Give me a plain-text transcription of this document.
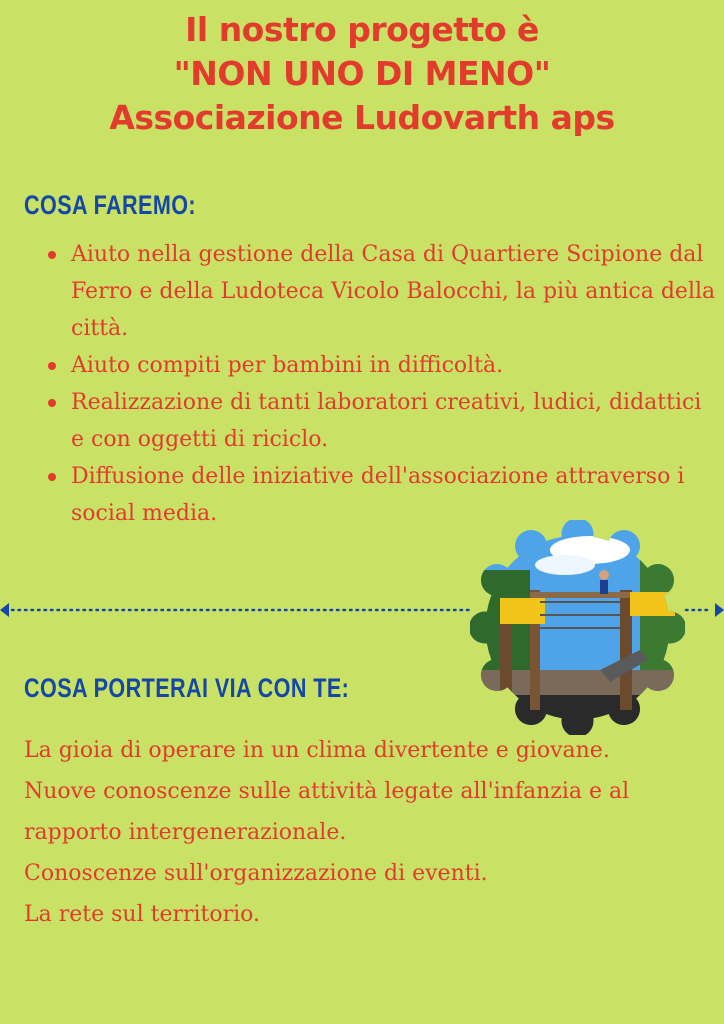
Il nostro progetto è
"NON UNO DI MENO"
Associazione Ludovarth aps
COSA FAREMO:
Aiuto nella gestione della Casa di Quartiere Scipione dal Ferro e della Ludoteca Vicolo Balocchi, la più antica della città.
Aiuto compiti per bambini in difficoltà.
Realizzazione di tanti laboratori creativi, ludici, didattici e con oggetti di riciclo.
Diffusione delle iniziative dell'associazione attraverso i social media.
COSA PORTERAI VIA CON TE:
La gioia di operare in un clima divertente e giovane.
Nuove conoscenze sulle attività legate all'infanzia e al rapporto intergenerazionale.
Conoscenze sull'organizzazione di eventi.
La rete sul territorio.
